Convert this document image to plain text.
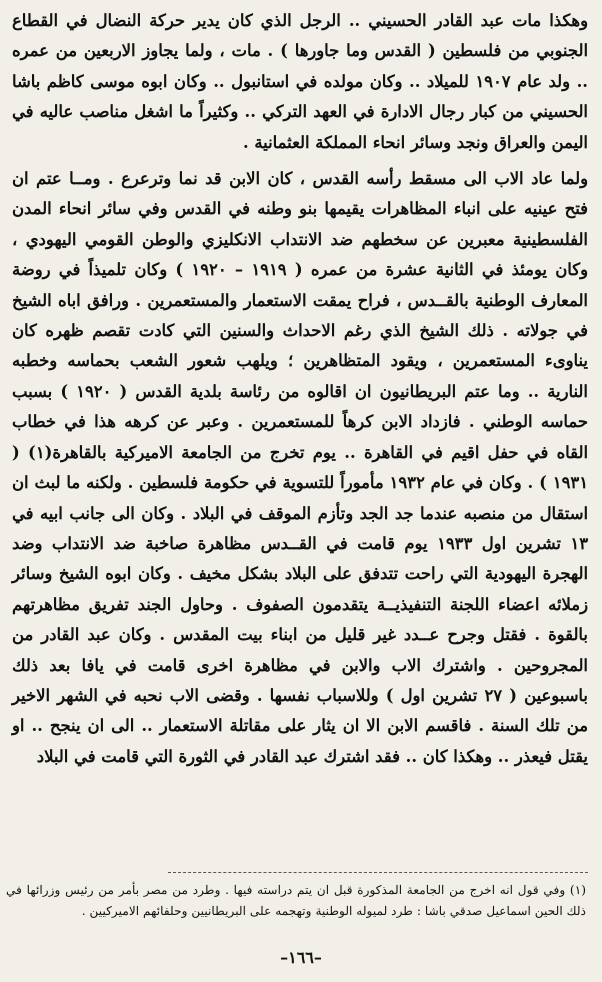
وهكذا مات عبد القادر الحسيني .. الرجل الذي كان يدير حركة النضال في القطاع الجنوبي من فلسطين ( القدس وما جاورها ) . مات ، ولما يجاوز الاربعين من عمره .. ولد عام ١٩٠٧ للميلاد .. وكان مولده في استانبول .. وكان ابوه موسى كاظم باشا الحسيني من كبار رجال الادارة في العهد التركي .. وكثيراً ما اشغل مناصب عاليه في اليمن والعراق ونجد وسائر انحاء المملكة العثمانية .

ولما عاد الاب الى مسقط رأسه القدس ، كان الابن قد نما وترعرع . ومــا عتم ان فتح عينيه على انباء المظاهرات يقيمها بنو وطنه في القدس وفي سائر انحاء المدن الفلسطينية معبرين عن سخطهم ضد الانتداب الانكليزي والوطن القومي اليهودي ، وكان يومئذ في الثانية عشرة من عمره ( ١٩١٩ – ١٩٢٠ ) وكان تلميذاً في روضة المعارف الوطنية بالقــدس ، فراح يمقت الاستعمار والمستعمرين . ورافق اباه الشيخ في جولاته . ذلك الشيخ الذي رغم الاحداث والسنين التي كادت تقصم ظهره كان يناوىء المستعمرين ، ويقود المتظاهرين ؛ ويلهب شعور الشعب بحماسه وخطبه النارية .. وما عتم البريطانيون ان اقالوه من رئاسة بلدية القدس ( ١٩٢٠ ) بسبب حماسه الوطني . فازداد الابن كرهاً للمستعمرين . وعبر عن كرهه هذا في خطاب القاه في حفل اقيم في القاهرة .. يوم تخرج من الجامعة الاميركية بالقاهرة(١) ( ١٩٣١ ) . وكان في عام ١٩٣٢ مأموراً للتسوية في حكومة فلسطين . ولكنه ما لبث ان استقال من منصبه عندما جد الجد وتأزم الموقف في البلاد . وكان الى جانب ابيه في ١٣ تشرين اول ١٩٣٣ يوم قامت في القــدس مظاهرة صاخبة ضد الانتداب وضد الهجرة اليهودية التي راحت تتدفق على البلاد بشكل مخيف . وكان ابوه الشيخ وسائر زملائه اعضاء اللجنة التنفيذيــة يتقدمون الصفوف . وحاول الجند تفريق مظاهرتهم بالقوة . فقتل وجرح عــدد غير قليل من ابناء بيت المقدس . وكان عبد القادر من المجروحين . واشترك الاب والابن في مظاهرة اخرى قامت في يافا بعد ذلك باسبوعين ( ٢٧ تشرين اول ) وللاسباب نفسها . وقضى الاب نحبه في الشهر الاخير من تلك السنة . فاقسم الابن الا ان يثار على مقاتلة الاستعمار .. الى ان ينجح .. او يقتل فيعذر .. وهكذا كان .. فقد اشترك عبد القادر في الثورة التي قامت في البلاد

(١) وفي قول انه اخرج من الجامعة المذكورة قبل ان يتم دراسته فيها . وطرد من مصر بأمر من رئيس وزرائها في ذلك الحين اسماعيل صدقي باشا : طرد لميوله الوطنية وتهجمه على البريطانيين وحلفائهم الاميركيين .

–١٦٦–
